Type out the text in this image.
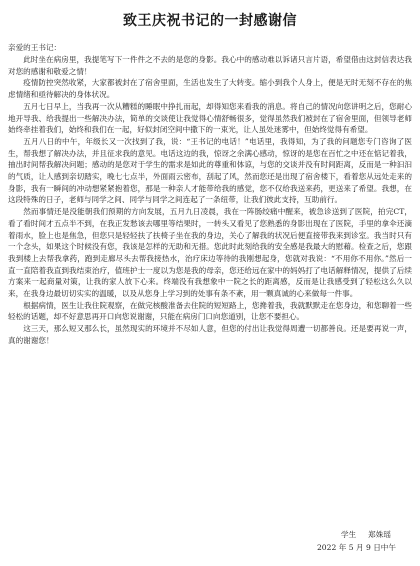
致王庆祝书记的一封感谢信

亲爱的王书记：

此时坐在病房里，我提笔写下一件件之不去的是您的身影。我心中的感动难以诉诸只言片语，希望借由这封信表达我对您的感谢和敬爱之情！

疫情防控突然收紧，大家都被封在了宿舍里面，生活也发生了大转变。缩小到我个人身上，便是无时无刻不存在的焦虑情绪和亟待解决的身体状况。

五月七日早上，当我再一次从糟糕的睡眠中挣扎而起，却得知您来看我的消息。将自己的情况向您讲明之后，您耐心地开导我、给我提出一些解决办法，简单的交谈使让我觉得心情舒畅很多，觉得虽然我们被封在了宿舍里面，但领导老师始终牵挂着我们，始终和我们在一起，好似封闭空间中撒下的一束光，让人虽处迷雾中，但始终觉得有希望。

五月八日的中午，年级长又一次找到了我，说：“王书记的电话！”电话里，我得知，为了我的问题您专门咨询了医生，帮我想了解决办法，并且征求我的意见。电话这边的我，惊讶之余满心感动，惊讶的是您在百忙之中还在惦记着我，抽出时间帮我解决问题；感动的是您对于学生的需求是如此的尊重和体谅，与您的交谈并没有时间距离，反而是一种汩汩的气质，让人感到亲切踏实，晚七七点半，外面雨云密布，刮起了风，然而您还是出现了宿舍楼下，看着您从远处走来的身影，我有一瞬间的冲动想紧紧抱着您，那是一种亲人才能带给我的感觉，您不仅给我送来药，更送来了希望。我想，在这段特殊的日子，老师与同学之间、同学与同学之间连起了一条纽带，让我们彼此支持，互助前行。

然而事情还是没能朝我们预期的方向发展，五月九日凌晨，我在一阵肠绞痛中醒来，被急诊送到了医院，拍完CT，看了看时间才五点半不到，在我正发愁该去哪里等结果时，一转头又看见了您熟悉的身影出现在了医院，手里的拿伞还滴着雨水，脸上也是焦急，但您只是轻轻扶了扶椅子坐在我的身边，关心了解我的状况后便直接带我来到诊室。我当时只有一个念头，如果这个时候没有您，我该是怎样的无助和无措。您此时此刻给我的安全感是我最大的慰藉。检查之后，您跟我到楼上去帮我拿药，跑到走廊尽头去帮我接热水，治疗床边等待的我刚想起身，您就对我说：“不用你不用你。”然后一直一直陪着我直到我结束治疗，值班护士一度以为您是我的母亲，您还给远在家中的妈妈打了电话解释情况，提供了后续方案来一起商量对策，让我的家人放下心来。终端没有我想象中一院之长的距离感，反而是让我感受到了轻松这么久以来，在我身边最切切实实的温暖，以及从您身上学习到的处事有条不紊，用一颗真诚的心来做每一件事。

根据病情，医生让我住院观察，在做完核酸准备去住院的短短路上，您搀着我，我就默默走在您身边，和您聊着一些轻松的话题，却不好意思再开口向您说谢谢，只能在病房门口向您道别，让您不要担心。

这三天，那么短又那么长，虽然现实的环境并不尽如人意，但您的付出让我觉得周遭一切都善良。还是要再说一声，真的谢谢您！

学生 郑姝瑶
2022 年 5 月 9 日中午
